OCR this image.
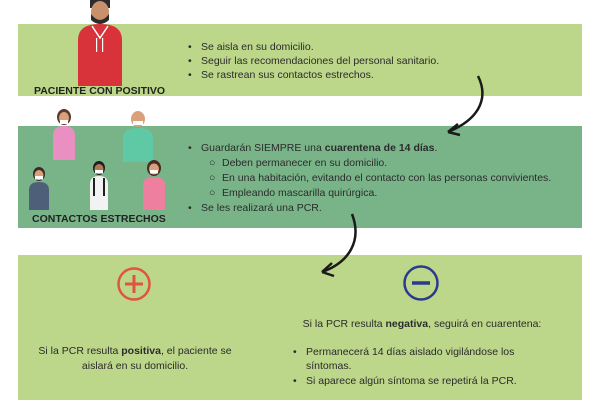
PACIENTE CON POSITIVO
• Se aisla en su domicilio.
• Seguir las recomendaciones del personal sanitario.
• Se rastrean sus contactos estrechos.
CONTACTOS ESTRECHOS
• Guardarán SIEMPRE una cuarentena de 14 días.
○ Deben permanecer en su domicilio.
○ En una habitación, evitando el contacto con las personas convivientes.
○ Empleando mascarilla quirúrgica.
• Se les realizará una PCR.
Si la PCR resulta positiva, el paciente se
aislará en su domicilio.
Si la PCR resulta negativa, seguirá en cuarentena:
• Permanecerá 14 días aislado vigilándose los
síntomas.
• Si aparece algún síntoma se repetirá la PCR.
